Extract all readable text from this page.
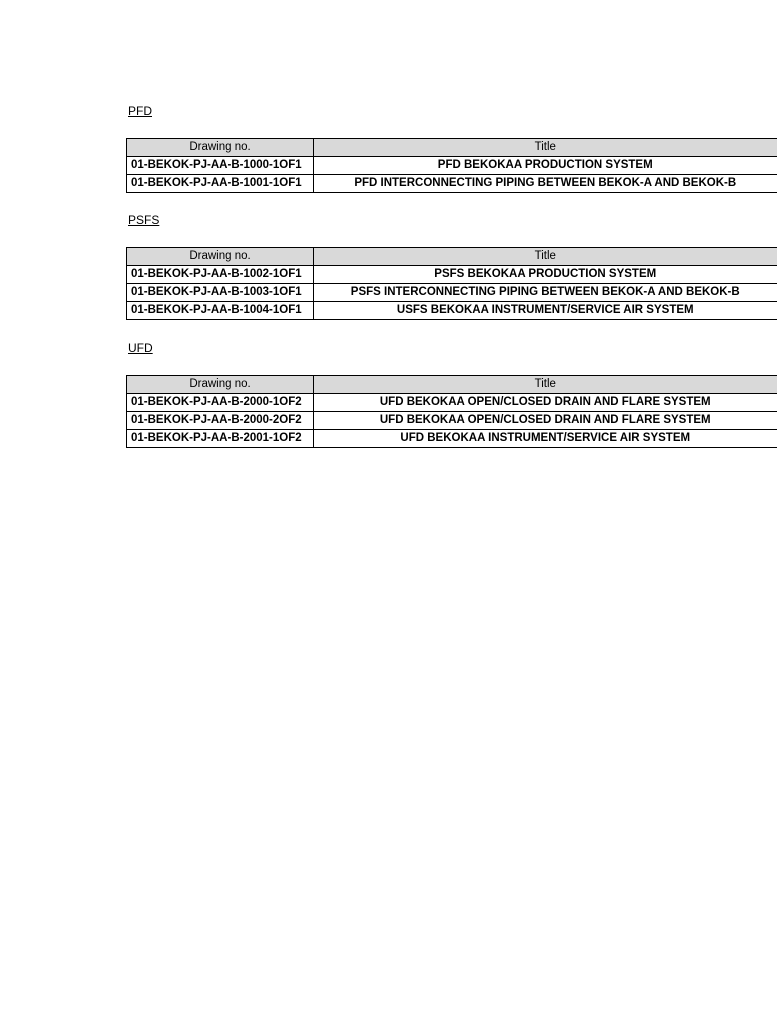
PFD

Drawing no.	Title
01-BEKOK-PJ-AA-B-1000-1OF1	PFD BEKOKAA PRODUCTION SYSTEM
01-BEKOK-PJ-AA-B-1001-1OF1	PFD INTERCONNECTING PIPING BETWEEN BEKOK-A AND BEKOK-B

PSFS

Drawing no.	Title
01-BEKOK-PJ-AA-B-1002-1OF1	PSFS BEKOKAA PRODUCTION SYSTEM
01-BEKOK-PJ-AA-B-1003-1OF1	PSFS INTERCONNECTING PIPING BETWEEN BEKOK-A AND BEKOK-B
01-BEKOK-PJ-AA-B-1004-1OF1	USFS BEKOKAA INSTRUMENT/SERVICE AIR SYSTEM

UFD

Drawing no.	Title
01-BEKOK-PJ-AA-B-2000-1OF2	UFD BEKOKAA OPEN/CLOSED DRAIN AND FLARE SYSTEM
01-BEKOK-PJ-AA-B-2000-2OF2	UFD BEKOKAA OPEN/CLOSED DRAIN AND FLARE SYSTEM
01-BEKOK-PJ-AA-B-2001-1OF2	UFD BEKOKAA INSTRUMENT/SERVICE AIR SYSTEM
